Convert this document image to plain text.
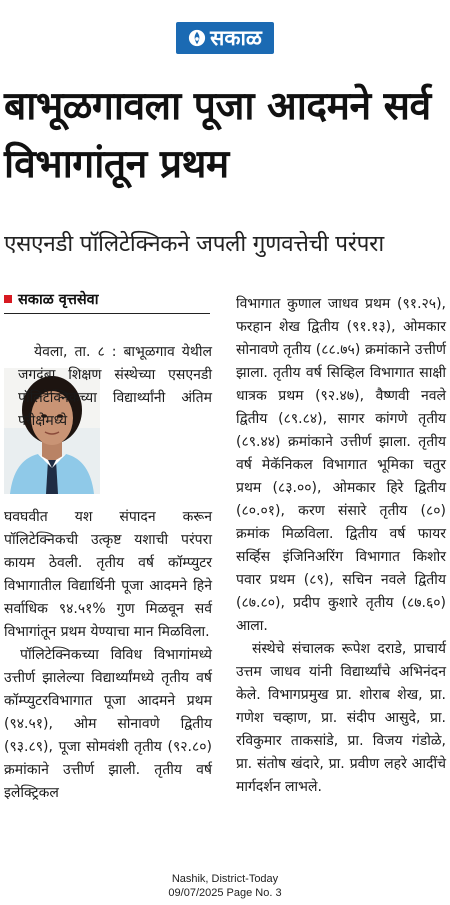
सकाळ
बाभूळगावला पूजा आदमने सर्व विभागांतून प्रथम
एसएनडी पॉलिटेक्निकने जपली गुणवत्तेची परंपरा
सकाळ वृत्तसेवा

येवला, ता. ८ : बाभूळगाव येथील जगदंबा शिक्षण संस्थेच्या एसएनडी पॉलिटेक्निकच्या विद्यार्थ्यांनी अंतिम परीक्षेमध्ये

घवघवीत यश संपादन करून पॉलिटेक्निकची उत्कृष्ट यशाची परंपरा कायम ठेवली. तृतीय वर्ष कॉम्प्युटर विभागातील विद्यार्थिनी पूजा आदमने हिने सर्वाधिक ९४.५१% गुण मिळवून सर्व विभागांतून प्रथम येण्याचा मान मिळविला.

पॉलिटेक्निकच्या विविध विभागांमध्ये उत्तीर्ण झालेल्या विद्यार्थ्यांमध्ये तृतीय वर्ष कॉम्प्युटरविभागात पूजा आदमने प्रथम (९४.५१), ओम सोनावणे द्वितीय (९३.८९), पूजा सोमवंशी तृतीय (९२.८०) क्रमांकाने उत्तीर्ण झाली. तृतीय वर्ष इलेक्ट्रिकल

विभागात कुणाल जाधव प्रथम (९१.२५), फरहान शेख द्वितीय (९१.१३), ओमकार सोनावणे तृतीय (८८.७५) क्रमांकाने उत्तीर्ण झाला. तृतीय वर्ष सिव्हिल विभागात साक्षी धात्रक प्रथम (९२.४७), वैष्णवी नवले द्वितीय (८९.८४), सागर कांगणे तृतीय (८९.४४) क्रमांकाने उत्तीर्ण झाला. तृतीय वर्ष मेकॅनिकल विभागात भूमिका चतुर प्रथम (८३.००), ओमकार हिरे द्वितीय (८०.०१), करण संसारे तृतीय (८०) क्रमांक मिळविला. द्वितीय वर्ष फायर सर्व्हिस इंजिनिअरिंग विभागात किशोर पवार प्रथम (८९), सचिन नवले द्वितीय (८७.८०), प्रदीप कुशारे तृतीय (८७.६०) आला.

संस्थेचे संचालक रूपेश दराडे, प्राचार्य उत्तम जाधव यांनी विद्यार्थ्यांचे अभिनंदन केले. विभागप्रमुख प्रा. शोराब शेख, प्रा. गणेश चव्हाण, प्रा. संदीप आसुदे, प्रा. रविकुमार ताकसांडे, प्रा. विजय गंडोळे, प्रा. संतोष खंदारे, प्रा. प्रवीण लहरे आदींचे मार्गदर्शन लाभले.

Nashik, District-Today
09/07/2025 Page No. 3
